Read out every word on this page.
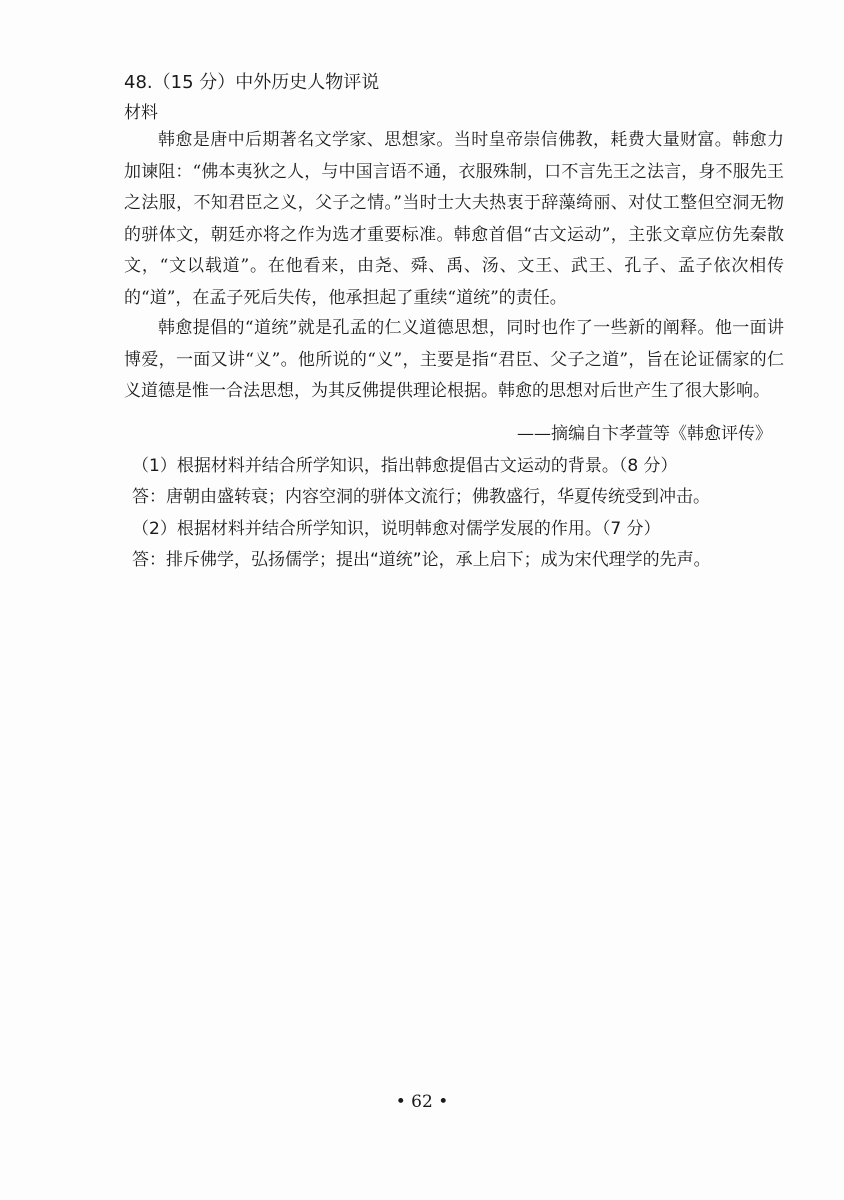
48.（15 分）中外历史人物评说
材料

韩愈是唐中后期著名文学家、思想家。当时皇帝崇信佛教，耗费大量财富。韩愈力加谏阻：“佛本夷狄之人，与中国言语不通，衣服殊制，口不言先王之法言，身不服先王之法服，不知君臣之义，父子之情。”当时士大夫热衷于辞藻绮丽、对仗工整但空洞无物的骈体文，朝廷亦将之作为选才重要标准。韩愈首倡“古文运动”，主张文章应仿先秦散文，“文以载道”。在他看来，由尧、舜、禹、汤、文王、武王、孔子、孟子依次相传的“道”，在孟子死后失传，他承担起了重续“道统”的责任。

韩愈提倡的“道统”就是孔孟的仁义道德思想，同时也作了一些新的阐释。他一面讲博爱，一面又讲“义”。他所说的“义”，主要是指“君臣、父子之道”，旨在论证儒家的仁义道德是惟一合法思想，为其反佛提供理论根据。韩愈的思想对后世产生了很大影响。

——摘编自卞孝萱等《韩愈评传》
（1）根据材料并结合所学知识，指出韩愈提倡古文运动的背景。（8 分）
答：唐朝由盛转衰；内容空洞的骈体文流行；佛教盛行，华夏传统受到冲击。
（2）根据材料并结合所学知识，说明韩愈对儒学发展的作用。（7 分）
答：排斥佛学，弘扬儒学；提出“道统”论，承上启下；成为宋代理学的先声。
• 62 •
